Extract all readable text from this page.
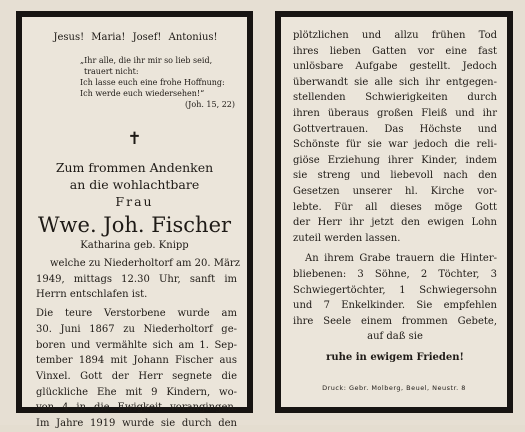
Jesus! Maria! Josef! Antonius!
„Ihr alle, die ihr mir so lieb seid,
trauert nicht:
Ich lasse euch eine frohe Hoffnung:
Ich werde euch wiedersehen!“
(Joh. 15, 22)
✝
Zum frommen Andenken
an die wohlachtbare
Frau
Wwe. Joh. Fischer
Katharina geb. Knipp
welche zu Niederholtorf am 20. März
1949, mittags 12.30 Uhr, sanft im
Herrn entschlafen ist.
Die teure Verstorbene wurde am
30. Juni 1867 zu Niederholtorf ge-
boren und vermählte sich am 1. Sep-
tember 1894 mit Johann Fischer aus
Vinxel. Gott der Herr segnete die
glückliche Ehe mit 9 Kindern, wo-
von 4 in die Ewigkeit vorangingen.
Im Jahre 1919 wurde sie durch den
plötzlichen und allzu frühen Tod
ihres lieben Gatten vor eine fast
unlösbare Aufgabe gestellt. Jedoch
überwandt sie alle sich ihr entgegen-
stellenden Schwierigkeiten durch
ihren überaus großen Fleiß und ihr
Gottvertrauen. Das Höchste und
Schönste für sie war jedoch die reli-
giöse Erziehung ihrer Kinder, indem
sie streng und liebevoll nach den
Gesetzen unserer hl. Kirche vor-
lebte. Für all dieses möge Gott
der Herr ihr jetzt den ewigen Lohn
zuteil werden lassen.
An ihrem Grabe trauern die Hinter-
bliebenen: 3 Söhne, 2 Töchter, 3
Schwiegertöchter, 1 Schwiegersohn
und 7 Enkelkinder. Sie empfehlen
ihre Seele einem frommen Gebete,
auf daß sie
ruhe in ewigem Frieden!
Druck: Gebr. Molberg, Beuel, Neustr. 8
